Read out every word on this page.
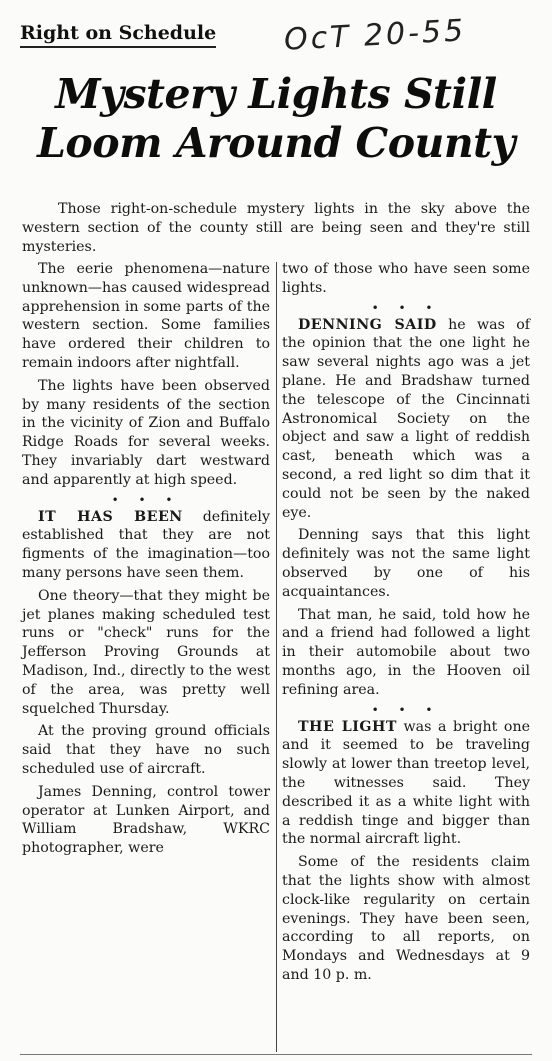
Right on Schedule OcT 20-55
Mystery Lights Still Loom Around County
Those right-on-schedule mystery lights in the sky above the western section of the county still are being seen and they're still mysteries.

The eerie phenomena—nature unknown—has caused widespread apprehension in some parts of the western section. Some families have ordered their children to remain indoors after nightfall.

The lights have been observed by many residents of the section in the vicinity of Zion and Buffalo Ridge Roads for several weeks. They invariably dart westward and apparently at high speed.

• • •

IT HAS BEEN definitely established that they are not figments of the imagination—too many persons have seen them.

One theory—that they might be jet planes making scheduled test runs or "check" runs for the Jefferson Proving Grounds at Madison, Ind., directly to the west of the area, was pretty well squelched Thursday.

At the proving ground officials said that they have no such scheduled use of aircraft.

James Denning, control tower operator at Lunken Airport, and William Bradshaw, WKRC photographer, were

two of those who have seen some lights.

• • •

DENNING SAID he was of the opinion that the one light he saw several nights ago was a jet plane. He and Bradshaw turned the telescope of the Cincinnati Astronomical Society on the object and saw a light of reddish cast, beneath which was a second, a red light so dim that it could not be seen by the naked eye.

Denning says that this light definitely was not the same light observed by one of his acquaintances.

That man, he said, told how he and a friend had followed a light in their automobile about two months ago, in the Hooven oil refining area.

• • •

THE LIGHT was a bright one and it seemed to be traveling slowly at lower than treetop level, the witnesses said. They described it as a white light with a reddish tinge and bigger than the normal aircraft light.

Some of the residents claim that the lights show with almost clock-like regularity on certain evenings. They have been seen, according to all reports, on Mondays and Wednesdays at 9 and 10 p. m.
